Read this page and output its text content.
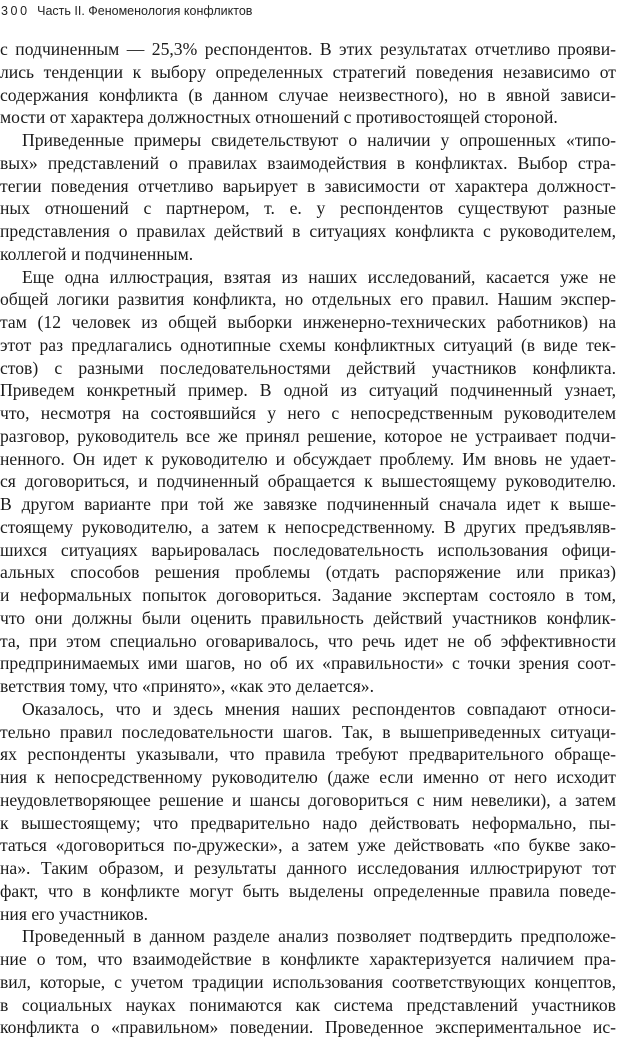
300 Часть II. Феноменология конфликтов
с подчиненным — 25,3% респондентов. В этих результатах отчетливо прояви-
лись тенденции к выбору определенных стратегий поведения независимо от
содержания конфликта (в данном случае неизвестного), но в явной зависи-
мости от характера должностных отношений с противостоящей стороной.
Приведенные примеры свидетельствуют о наличии у опрошенных «типо-
вых» представлений о правилах взаимодействия в конфликтах. Выбор стра-
тегии поведения отчетливо варьирует в зависимости от характера должност-
ных отношений с партнером, т. е. у респондентов существуют разные
представления о правилах действий в ситуациях конфликта с руководителем,
коллегой и подчиненным.
Еще одна иллюстрация, взятая из наших исследований, касается уже не
общей логики развития конфликта, но отдельных его правил. Нашим экспер-
там (12 человек из общей выборки инженерно-технических работников) на
этот раз предлагались однотипные схемы конфликтных ситуаций (в виде тек-
стов) с разными последовательностями действий участников конфликта.
Приведем конкретный пример. В одной из ситуаций подчиненный узнает,
что, несмотря на состоявшийся у него с непосредственным руководителем
разговор, руководитель все же принял решение, которое не устраивает подчи-
ненного. Он идет к руководителю и обсуждает проблему. Им вновь не удает-
ся договориться, и подчиненный обращается к вышестоящему руководителю.
В другом варианте при той же завязке подчиненный сначала идет к выше-
стоящему руководителю, а затем к непосредственному. В других предъявляв-
шихся ситуациях варьировалась последовательность использования офици-
альных способов решения проблемы (отдать распоряжение или приказ)
и неформальных попыток договориться. Задание экспертам состояло в том,
что они должны были оценить правильность действий участников конфлик-
та, при этом специально оговаривалось, что речь идет не об эффективности
предпринимаемых ими шагов, но об их «правильности» с точки зрения соот-
ветствия тому, что «принято», «как это делается».
Оказалось, что и здесь мнения наших респондентов совпадают относи-
тельно правил последовательности шагов. Так, в вышеприведенных ситуаци-
ях респонденты указывали, что правила требуют предварительного обраще-
ния к непосредственному руководителю (даже если именно от него исходит
неудовлетворяющее решение и шансы договориться с ним невелики), а затем
к вышестоящему; что предварительно надо действовать неформально, пы-
таться «договориться по-дружески», а затем уже действовать «по букве зако-
на». Таким образом, и результаты данного исследования иллюстрируют тот
факт, что в конфликте могут быть выделены определенные правила поведе-
ния его участников.
Проведенный в данном разделе анализ позволяет подтвердить предположе-
ние о том, что взаимодействие в конфликте характеризуется наличием пра-
вил, которые, с учетом традиции использования соответствующих концептов,
в социальных науках понимаются как система представлений участников
конфликта о «правильном» поведении. Проведенное экспериментальное ис-
